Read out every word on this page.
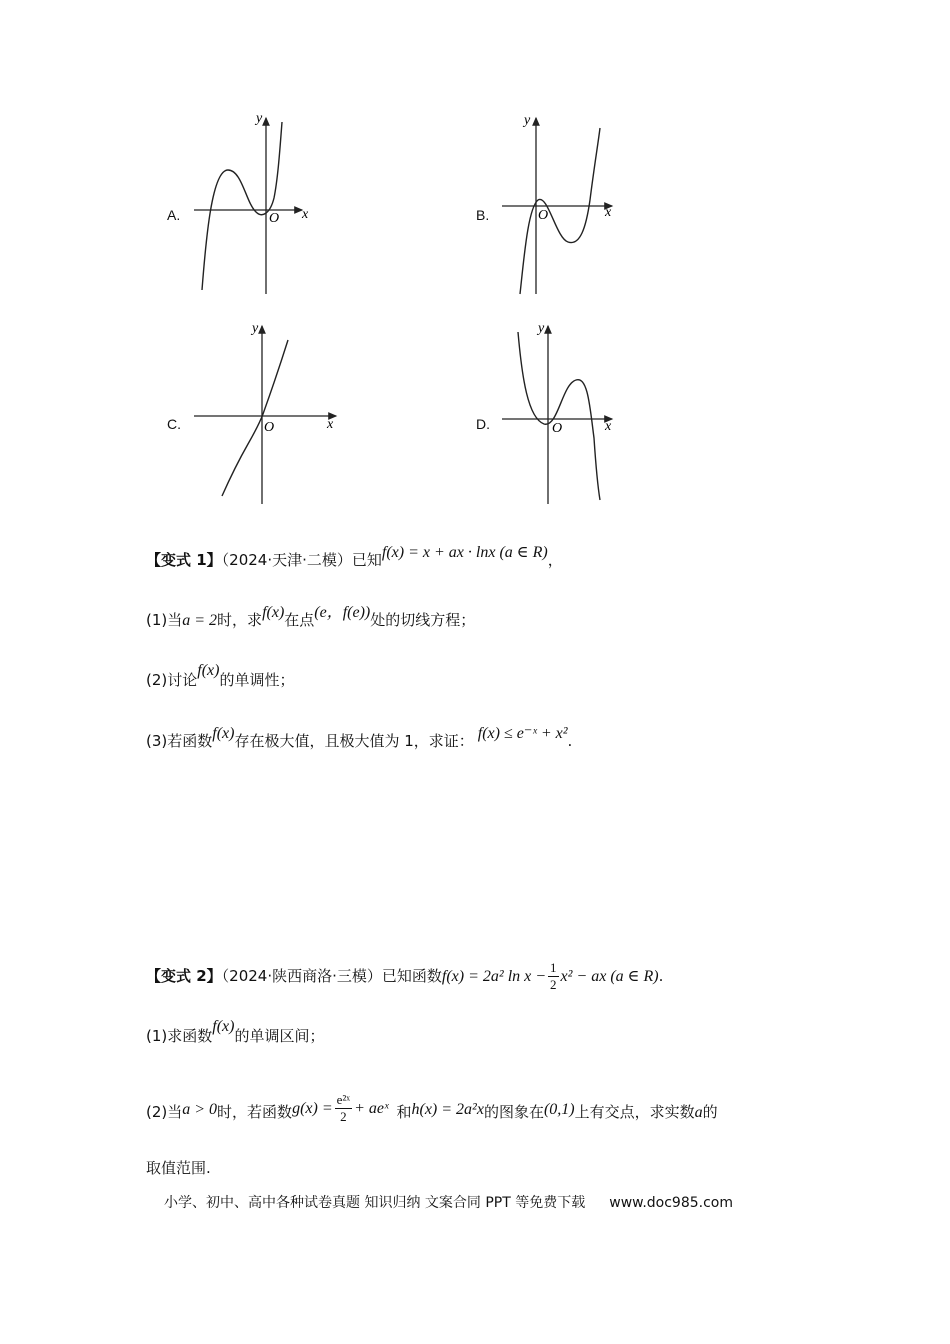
A.	x
y
O	B.	x
y
O
C.	x
y
O	D.	x
y
O
【变式 1】（2024·天津·二模）已知f(x) = x + ax · lnx (a ∈ R)，
(1)当a = 2时，求f(x)在点(e，f(e))处的切线方程；
(2)讨论f(x)的单调性；
(3)若函数f(x)存在极大值，且极大值为 1，求证： f(x) ≤ e⁻ˣ + x².
【变式 2】（2024·陕西商洛·三模）已知函数f(x) = 2a² $\ln x - \frac{1}{2} x^2$ − ax (a ∈ R).
(1)求函数f(x)的单调区间；
(2)当a > 0时，若函数$g(x) = \frac{\text{e²ˣ}}{2}$ + aeˣ 和h(x) = 2a²x的图象在(0,1)上有交点，求实数a的
取值范围.
小学、初中、高中各种试卷真题 知识归纳 文案合同 PPT 等免费下载 www.doc985.com
